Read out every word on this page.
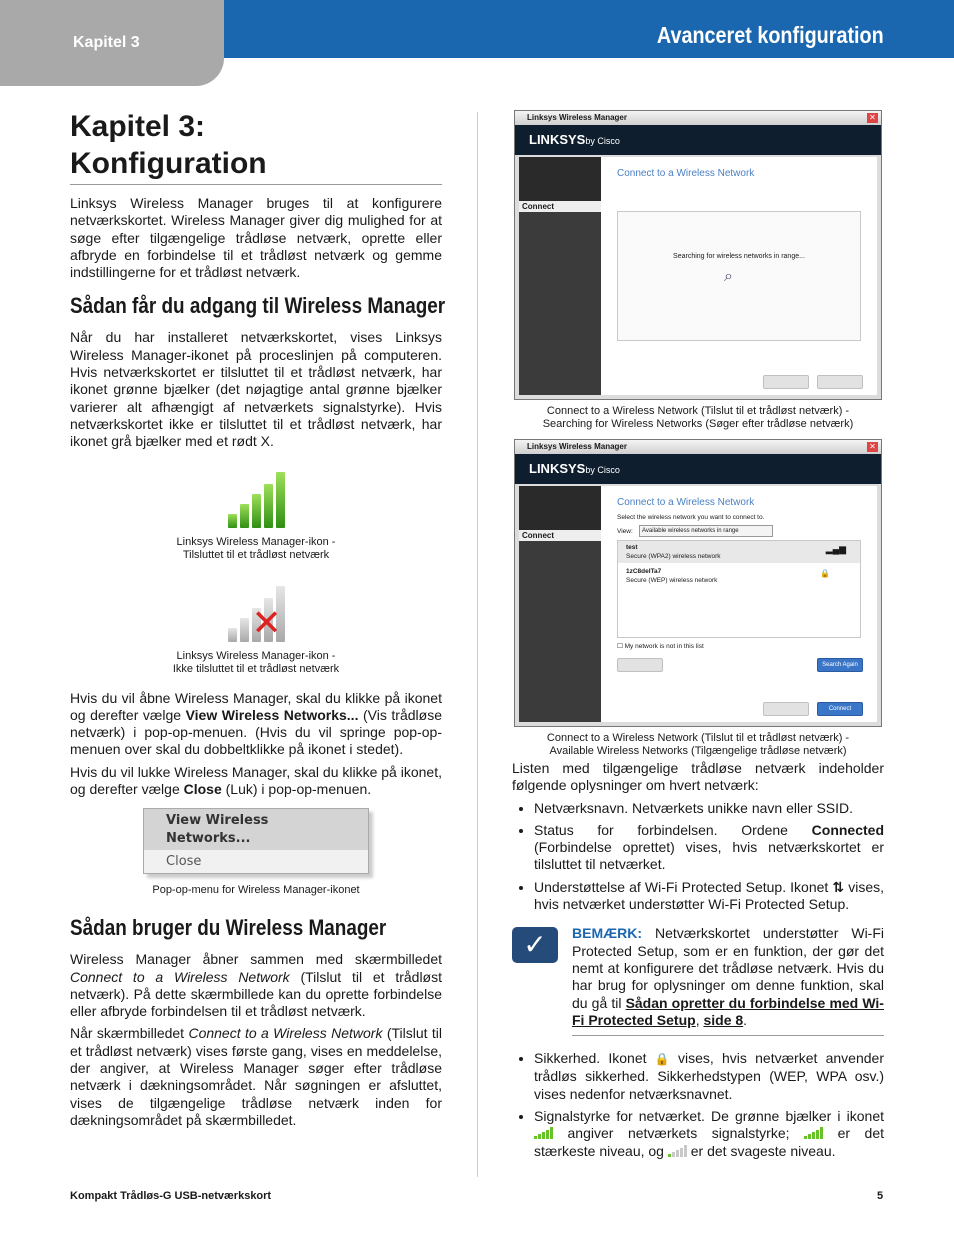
Kapitel 3	Avanceret konfiguration
Kapitel 3:
Konfiguration

Linksys Wireless Manager bruges til at konfigurere netværkskortet. Wireless Manager giver dig mulighed for at søge efter tilgængelige trådløse netværk, oprette eller afbryde en forbindelse til et trådløst netværk og gemme indstillingerne for et trådløst netværk.

Sådan får du adgang til Wireless Manager

Når du har installeret netværkskortet, vises Linksys Wireless Manager-ikonet på proceslinjen på computeren. Hvis netværkskortet er tilsluttet til et trådløst netværk, har ikonet grønne bjælker (det nøjagtige antal grønne bjælker varierer alt afhængigt af netværkets signalstyrke). Hvis netværkskortet ikke er tilsluttet til et trådløst netværk, har ikonet grå bjælker med et rødt X.

Linksys Wireless Manager-ikon -
Tilsluttet til et trådløst netværk

✕

Linksys Wireless Manager-ikon -
Ikke tilsluttet til et trådløst netværk

Hvis du vil åbne Wireless Manager, skal du klikke på ikonet og derefter vælge View Wireless Networks... (Vis trådløse netværk) i pop-op-menuen. (Hvis du vil springe pop-op-menuen over skal du dobbeltklikke på ikonet i stedet).

Hvis du vil lukke Wireless Manager, skal du klikke på ikonet, og derefter vælge Close (Luk) i pop-op-menuen.

View Wireless Networks...
Close

Pop-op-menu for Wireless Manager-ikonet

Sådan bruger du Wireless Manager

Wireless Manager åbner sammen med skærmbilledet Connect to a Wireless Network (Tilslut til et trådløst netværk). På dette skærmbillede kan du oprette forbindelse eller afbryde forbindelsen til et trådløst netværk.

Når skærmbilledet Connect to a Wireless Network (Tilslut til et trådløst netværk) vises første gang, vises en meddelelse, der angiver, at Wireless Manager søger efter trådløse netværk i dækningsområdet. Når søgningen er afsluttet, vises de tilgængelige trådløse netværk inden for dækningsområdet på skærmbilledet.

Linksys Wireless Manager	✕
LINKSYSby Cisco
Connect
Connect to a Wireless Network
Searching for wireless networks in range...
⌕

Connect to a Wireless Network (Tilslut til et trådløst netværk) -
Searching for Wireless Networks (Søger efter trådløse netværk)

Linksys Wireless Manager	✕
LINKSYSby Cisco
Connect
Connect to a Wireless Network
Select the wireless network you want to connect to.
View:	Available wireless networks in range
test
Secure (WPA2) wireless network
▂▄▆
1zC8deITa7
Secure (WEP) wireless network
🔒
☐ My network is not in this list
Search Again
Connect

Connect to a Wireless Network (Tilslut til et trådløst netværk) -
Available Wireless Networks (Tilgængelige trådløse netværk)

Listen med tilgængelige trådløse netværk indeholder følgende oplysninger om hvert netværk:

• Netværksnavn. Netværkets unikke navn eller SSID.
• Status for forbindelsen. Ordene Connected (Forbindelse oprettet) vises, hvis netværkskortet er tilsluttet til netværket.
• Understøttelse af Wi-Fi Protected Setup. Ikonet ⇅ vises, hvis netværket understøtter Wi-Fi Protected Setup.
✓	BEMÆRK: Netværkskortet understøtter Wi-Fi Protected Setup, som er en funktion, der gør det nemt at konfigurere det trådløse netværk. Hvis du har brug for oplysninger om denne funktion, skal du gå til Sådan opretter du forbindelse med Wi-Fi Protected Setup, side 8.

• Sikkerhed. Ikonet 🔒 vises, hvis netværket anvender trådløs sikkerhed. Sikkerhedstypen (WEP, WPA osv.) vises nedenfor netværksnavnet.
• Signalstyrke for netværket. De grønne bjælker i ikonet
angiver netværkets signalstyrke;
er det stærkeste niveau, og
er det svageste niveau.
Kompakt Trådløs-G USB-netværkskort	5
